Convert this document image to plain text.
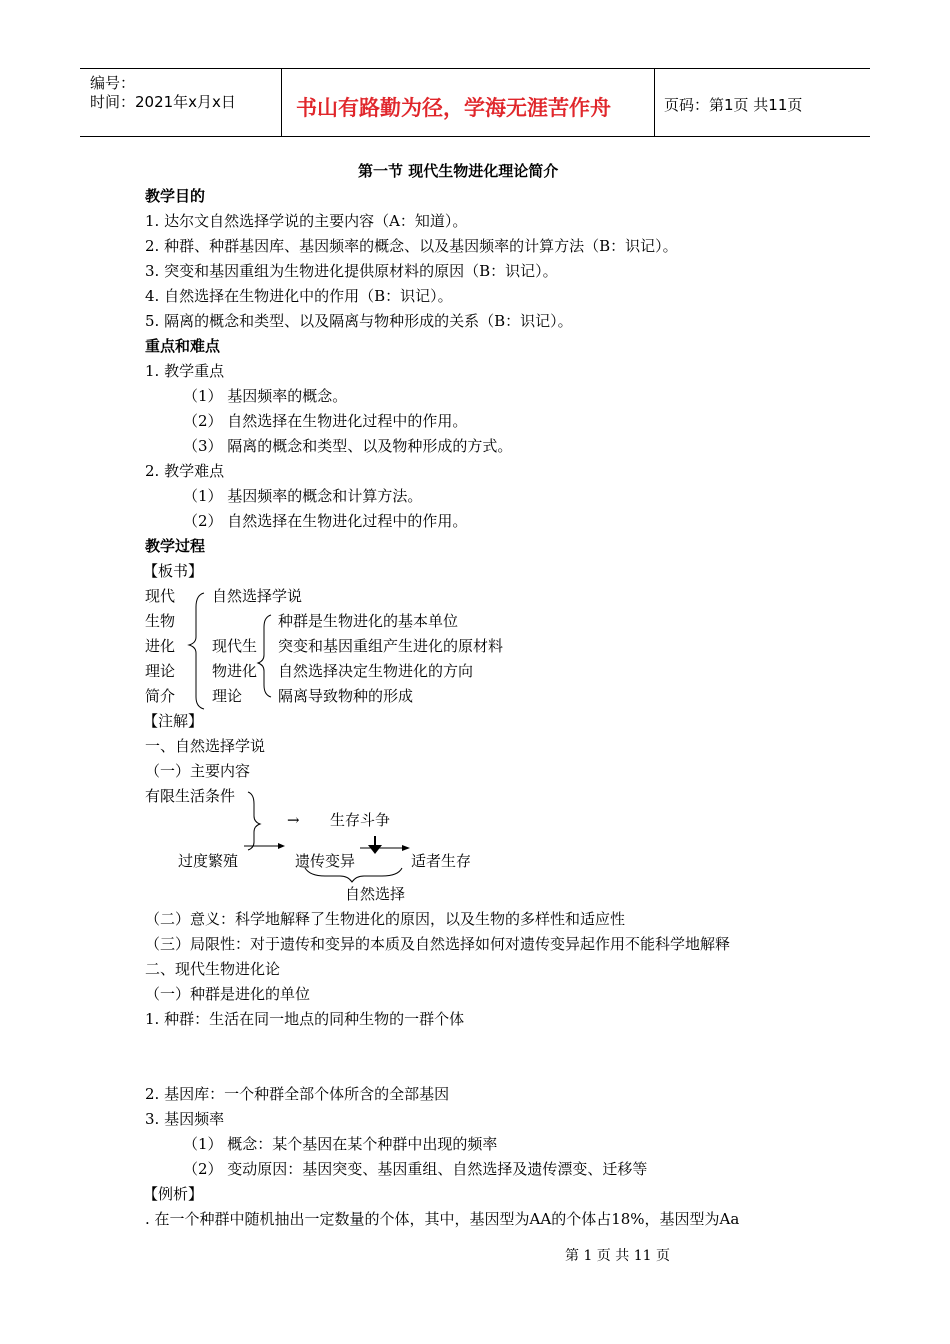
编号：
时间：2021年x月x日	书山有路勤为径，学海无涯苦作舟	页码：第1页 共11页
第一节 现代生物进化理论简介
教学目的
1. 达尔文自然选择学说的主要内容（A：知道）。
2. 种群、种群基因库、基因频率的概念、以及基因频率的计算方法（B：识记）。
3. 突变和基因重组为生物进化提供原材料的原因（B：识记）。
4. 自然选择在生物进化中的作用（B：识记）。
5. 隔离的概念和类型、以及隔离与物种形成的关系（B：识记）。
重点和难点
1. 教学重点
（1） 基因频率的概念。
（2） 自然选择在生物进化过程中的作用。
（3） 隔离的概念和类型、以及物种形成的方式。
2. 教学难点
（1） 基因频率的概念和计算方法。
（2） 自然选择在生物进化过程中的作用。
教学过程
【板书】
现代
生物
进化
理论
简介
自然选择学说
现代生
物进化
理论
种群是生物进化的基本单位
突变和基因重组产生进化的原材料
自然选择决定生物进化的方向
隔离导致物种的形成
【注解】
一、自然选择学说
（一）主要内容
有限生活条件
→ 生存斗争
过度繁殖	遗传变异	适者生存
自然选择
（二）意义：科学地解释了生物进化的原因，以及生物的多样性和适应性
（三）局限性：对于遗传和变异的本质及自然选择如何对遗传变异起作用不能科学地解释
二、现代生物进化论
（一）种群是进化的单位
1. 种群：生活在同一地点的同种生物的一群个体
2. 基因库：一个种群全部个体所含的全部基因
3. 基因频率
（1） 概念：某个基因在某个种群中出现的频率
（2） 变动原因：基因突变、基因重组、自然选择及遗传漂变、迁移等
【例析】
. 在一个种群中随机抽出一定数量的个体，其中，基因型为AA的个体占18%，基因型为Aa
第 1 页 共 11 页
